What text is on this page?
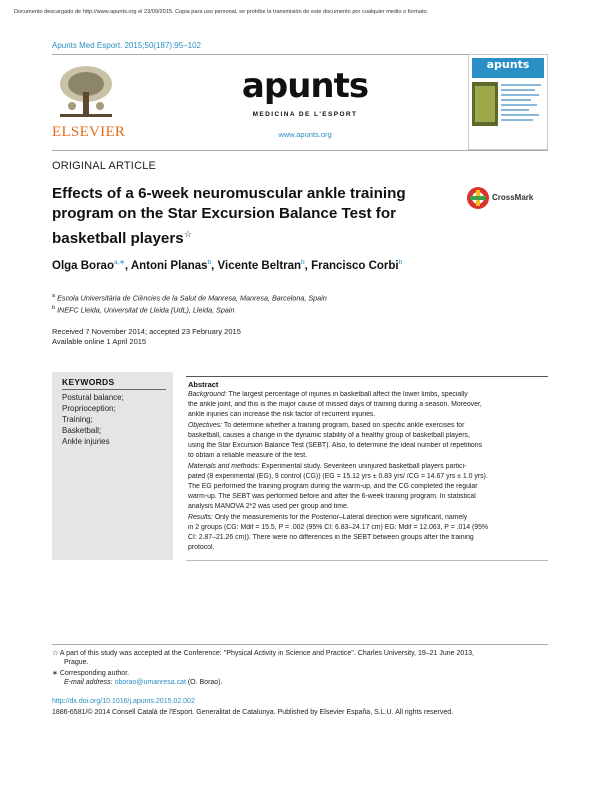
Documento descargado de http://www.apunts.org el 23/09/2015. Copia para uso personal, se prohíbe la transmisión de este documento por cualquier medio o formato.
Apunts Med Esport. 2015;50(187):95–102
ELSEVIER
apunts
MEDICINA DE L'ESPORT
www.apunts.org
apunts
ORIGINAL ARTICLE
Effects of a 6-week neuromuscular ankle training
program on the Star Excursion Balance Test for
basketball players☆
CrossMark
Olga Borao$^{a,∗}$, Antoni Planas$^b$, Vicente Beltran$^b$, Francisco Corbi$^b$
$^a$ Escola Universitària de Ciències de la Salut de Manresa, Manresa, Barcelona, Spain
$^b$ INEFC Lleida, Universitat de Lleida (UdL), Lleida, Spain
Received 7 November 2014; accepted 23 February 2015
Available online 1 April 2015
KEYWORDS
Postural balance;
Proprioception;
Training;
Basketball;
Ankle injuries
Abstract
Background: The largest percentage of injuries in basketball affect the lower limbs, specially
the ankle joint, and this is the major cause of missed days of training during a season. Moreover,
ankle injuries can increase the risk factor of recurrent injuries.
Objectives: To determine whether a training program, based on specific ankle exercises for
basketball, causes a change in the dynamic stability of a healthy group of basketball players,
using the Star Excursion Balance Test (SEBT). Also, to determine the ideal number of repetitions
to obtain a reliable measure of the test.
Materials and methods: Experimental study. Seventeen uninjured basketball players partici-
pated (8 experimental (EG), 9 control (CG)) (EG = 15.12 yrs ± 0.83 yrs/ /CG = 14.67 yrs ± 1.0 yrs).
The EG performed the training program during the warm-up, and the CG completed the regular
warm-up. The SEBT was performed before and after the 6-week training program. In statistical
analysis MANOVA 2*2 was used per group and time.
Results: Only the measurements for the Posterior–Lateral direction were significant, namely
in 2 groups (CG: Mdif = 15.5, P = .002 (95% CI: 6.83–24.17 cm) EG: Mdif = 12.063, P = .014 (95%
CI: 2.87–21.26 cm)). There were no differences in the SEBT between groups after the training
protocol.
☆ A part of this study was accepted at the Conference: ''Physical Activity in Science and Practice''. Charles University, 19–21 June 2013,
Prague.
∗ Corresponding author.
E-mail address: oborao@umanresa.cat (O. Borao).
http://dx.doi.org/10.1016/j.apunts.2015.02.002
1886-6581/© 2014 Consell Català de l'Esport. Generalitat de Catalunya. Published by Elsevier España, S.L.U. All rights reserved.
